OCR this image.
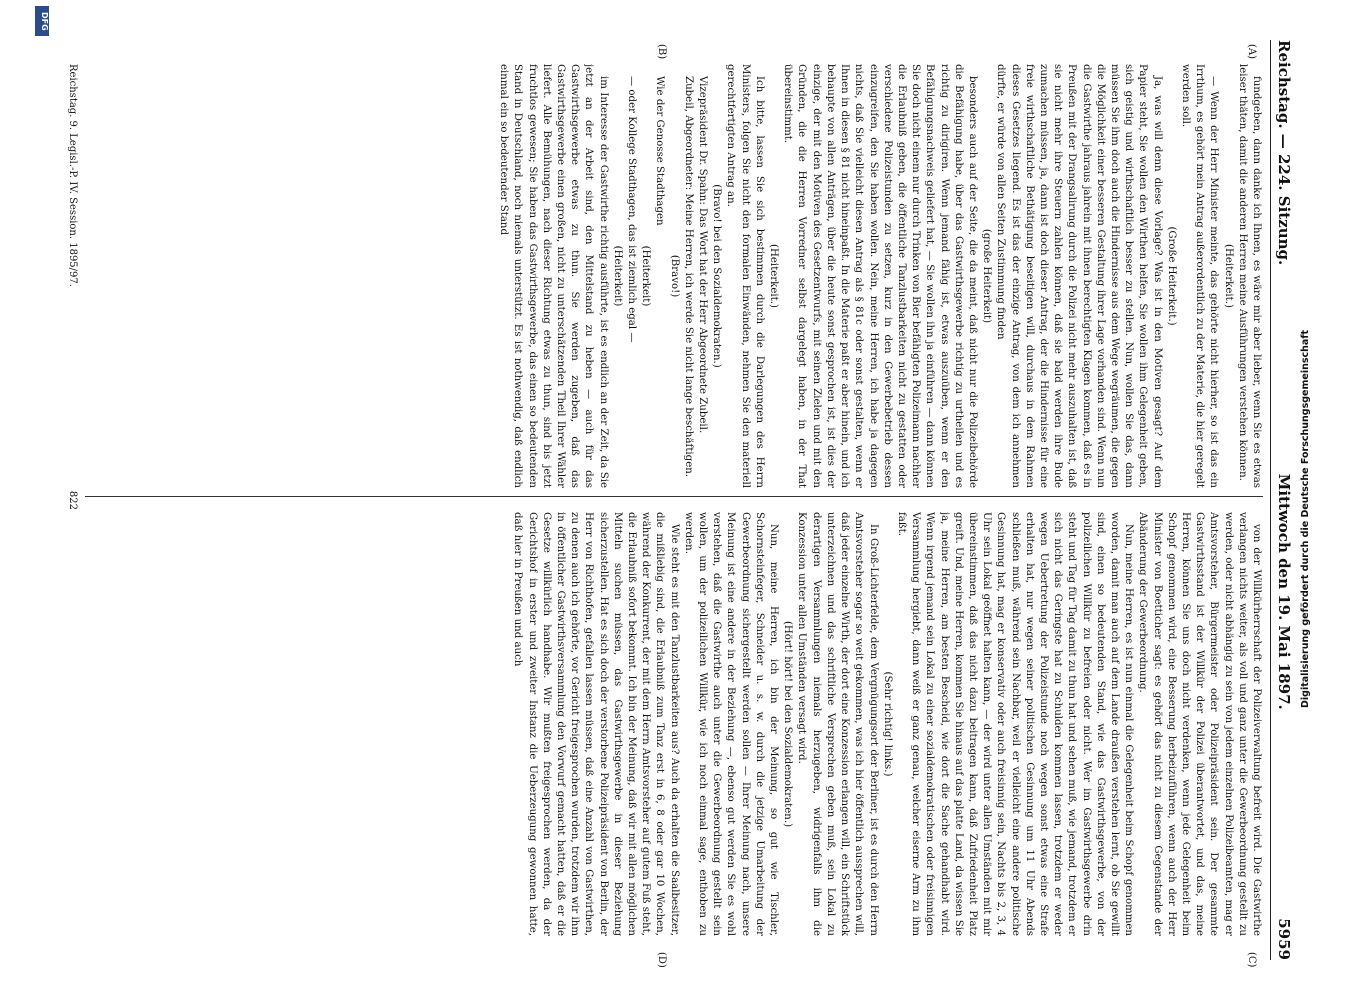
Reichstag. — 224. Sitzung.
Mittwoch den 19. Mai 1897.
5959
(A)
(B)
(C)
(D)

fundgeben, dann danke ich Ihnen, es wäre mir aber lieber, wenn Sie es etwas leiser thäten, damit die anderen Herren meine Ausführungen verstehen können.

(Heiterkeit.)

— Wenn der Herr Minister meinte, das gehörte nicht hierher, so ist das ein Irrthum, es gehört mein Antrag außerordentlich zu der Materie, die hier geregelt werden soll.

(Große Heiterkeit.)

Ja, was will denn diese Vorlage? Was ist in den Motiven gesagt? Auf dem Papier steht, Sie wollen den Wirthen helfen, Sie wollen ihm Gelegenheit geben, sich geistig und wirthschaftlich besser zu stellen. Nun, wollen Sie das, dann müssen Sie ihm doch auch die Hindernisse aus dem Wege wegräumen, die gegen die Möglichkeit einer besseren Gestaltung ihrer Lage vorhanden sind. Wenn nun die Gastwirthe jahraus jahrein mit ihnen berechtigten Klagen kommen, daß es in Preußen mit der Drangsalirung durch die Polizei nicht mehr auszuhalten ist, daß sie nicht mehr ihre Steuern zahlen können, daß sie bald werden ihre Bude zumachen müssen, ja, dann ist doch dieser Antrag, der die Hindernisse für eine freie wirthschaftliche Bethätigung beseitigen will, durchaus in dem Rahmen dieses Gesetzes liegend. Es ist das der einzige Antrag, von dem ich annehmen dürfte, er würde von allen Seiten Zustimmung finden

(große Heiterkeit)

besonders auch auf der Seite, die da meint, daß nicht nur die Polizeibehörde die Befähigung habe, über das Gastwirthsgewerbe richtig zu urtheilen und es richtig zu dirigiren. Wenn jemand fähig ist, etwas auszuüben, wenn er den Befähigungsnachweis geliefert hat, — Sie wollen ihn ja einführen — dann können Sie doch nicht einem nur durch Trinken von Bier befähigten Polizeimann nachher die Erlaubniß geben, die öffentliche Tanzlustbarkeiten nicht zu gestatten oder verschiedene Polizeistunden zu setzen, kurz in den Gewerbebetrieb dessen einzugreifen, den Sie haben wollen. Nein, meine Herren, ich habe ja dagegen nichts, daß Sie vielleicht diesen Antrag als § 81c oder sonst gestalten, wenn er Ihnen in diesen § 81 nicht hineinpaßt. In die Materie paßt er aber hinein, und ich behaupte von allen Anträgen, über die heute sonst gesprochen ist, ist dies der einzige, der mit den Motiven des Gesetzentwurfs, mit seinen Zielen und mit den Gründen, die die Herren Vorredner selbst dargelegt haben, in der That übereinstimmt.

(Heiterkeit.)

Ich bitte, lassen Sie sich bestimmen durch die Darlegungen des Herrn Ministers, folgen Sie nicht den formalen Einwänden, nehmen Sie den materiell gerechtfertigten Antrag an.

(Bravo! bei den Sozialdemokraten.)

Vizepräsident Dr. Spahn: Das Wort hat der Herr Abgeordnete Zubeil.

Zubeil, Abgeordneter: Meine Herren, ich werde Sie nicht lange beschäftigen.

(Bravo!)

Wie der Genosse Stadthagen

(Heiterkeit)

— oder Kollege Stadthagen, das ist ziemlich egal —

(Heiterkeit)

im Interesse der Gastwirthe richtig ausführte, ist es endlich an der Zeit, da Sie jetzt an der Arbeit sind, den Mittelstand zu heben — auch für das Gastwirthsgewerbe etwas zu thun. Sie werden zugeben, daß das Gastwirthsgewerbe einen großen, nicht zu unterschätzenden Theil Ihrer Wähler liefert. Alle Bemühungen, nach dieser Richtung etwas zu thun, sind bis jetzt fruchtlos gewesen; Sie haben das Gastwirthsgewerbe, das einen so bedeutenden Stand in Deutschland, noch niemals unterstützt. Es ist nothwendig, daß endlich einmal ein so bedeutender Stand

von der Willkürherrschaft der Polizeiverwaltung befreit wird. Die Gastwirthe verlangen nichts weiter, als voll und ganz unter die Gewerbeordnung gestellt zu werden, oder nicht abhängig zu sein von jedem einzelnen Polizeibeamten, mag er Amtsvorsteher, Bürgermeister oder Polizeipräsident sein. Der gesammte Gastwirthsstand ist der Willkür der Polizei überantwortet, und das, meine Herren, können Sie uns doch nicht verdenken, wenn jede Gelegenheit beim Schopf genommen wird, eine Besserung herbeizuführen, wenn auch der Herr Minister von Boetticher sagt: es gehört das nicht zu diesem Gegenstande der Abänderung der Gewerbeordnung.

Nun, meine Herren, es ist nun einmal die Gelegenheit beim Schopf genommen worden, damit man auch auf dem Lande draußen verstehen lernt, ob Sie gewillt sind, einen so bedeutenden Stand, wie das Gastwirthsgewerbe, von der polizeilichen Willkür zu befreien oder nicht. Wer im Gastwirthsgewerbe drin steht und Tag für Tag damit zu thun hat und sehen muß, wie jemand, trotzdem er sich nicht das Geringste hat zu Schulden kommen lassen, trotzdem er weder wegen Uebertretung der Polizeistunde noch wegen sonst etwas eine Strafe erhalten hat, nur wegen seiner politischen Gesinnung um 11 Uhr Abends schließen muß, während sein Nachbar, weil er vielleicht eine andere politische Gesinnung hat, mag er konservativ oder auch freisinnig sein, Nachts bis 2, 3, 4 Uhr sein Lokal geöffnet halten kann, — der wird unter allen Umständen mit mir übereinstimmen, daß das nicht dazu beitragen kann, daß Zufriedenheit Platz greift. Und, meine Herren, kommen Sie hinaus auf das platte Land, da wissen Sie ja, meine Herren, am besten Bescheid, wie dort die Sache gehandhabt wird. Wenn irgend jemand sein Lokal zu einer sozialdemokratischen oder freisinnigen Versammlung hergiebt, dann weiß er ganz genau, welcher eiserne Arm zu ihm faßt.

(Sehr richtig! links.)

In Groß-Lichterfelde, dem Vergnügungsort der Berliner, ist es durch den Herrn Amtsvorsteher sogar so weit gekommen, was ich hier öffentlich aussprechen will, daß jeder einzelne Wirth, der dort eine Konzession erlangen will, ein Schriftstück unterzeichnen und das schriftliche Versprechen geben muß, sein Lokal zu derartigen Versammlungen niemals herzugeben, widrigenfalls ihm die Konzession unter allen Umständen versagt wird.

(Hört! hört! bei den Sozialdemokraten.)

Nun, meine Herren, ich bin der Meinung, so gut wie Tischler, Schornsteinfeger, Schneider u. s. w. durch die jetzige Umarbeitung der Gewerbeordnung sichergestellt werden sollen — Ihrer Meinung nach, unsere Meinung ist eine andere in der Beziehung —, ebenso gut werden Sie es wohl verstehen, daß die Gastwirthe auch unter die Gewerbeordnung gestellt sein wollen, um der polizeilichen Willkür, wie ich noch einmal sage, enthoben zu werden.

Wie steht es mit den Tanzlustbarkeiten aus? Auch da erhalten die Saalbesitzer, die mißliebig sind, die Erlaubniß zum Tanz erst in 6, 8 oder gar 10 Wochen, während der Konkurrent, der mit dem Herrn Amtsvorsteher auf gutem Fuß steht, die Erlaubniß sofort bekommt. Ich bin der Meinung, daß wir mit allen möglichen Mitteln suchen müssen, das Gastwirthsgewerbe in dieser Beziehung sicherzustellen. Hat es sich doch der verstorbene Polizeipräsident von Berlin, der Herr von Richthofen, gefallen lassen müssen, daß eine Anzahl von Gastwirthen, zu denen auch ich gehörte, vor Gericht freigesprochen wurden, trotzdem wir ihm in öffentlicher Gastwirthsversammlung den Vorwurf gemacht hatten, daß er die Gesetze willkürlich handhabe. Wir mußten freigesprochen werden, da der Gerichtshof in erster und zweiter Instanz die Ueberzeugung gewonnen hatte, daß hier in Preußen und auch

Reichstag. 9. Legisl.-P. IV. Session. 1895/97.
822
DFG
Digitalisierung gefördert durch die Deutsche Forschungsgemeinschaft
